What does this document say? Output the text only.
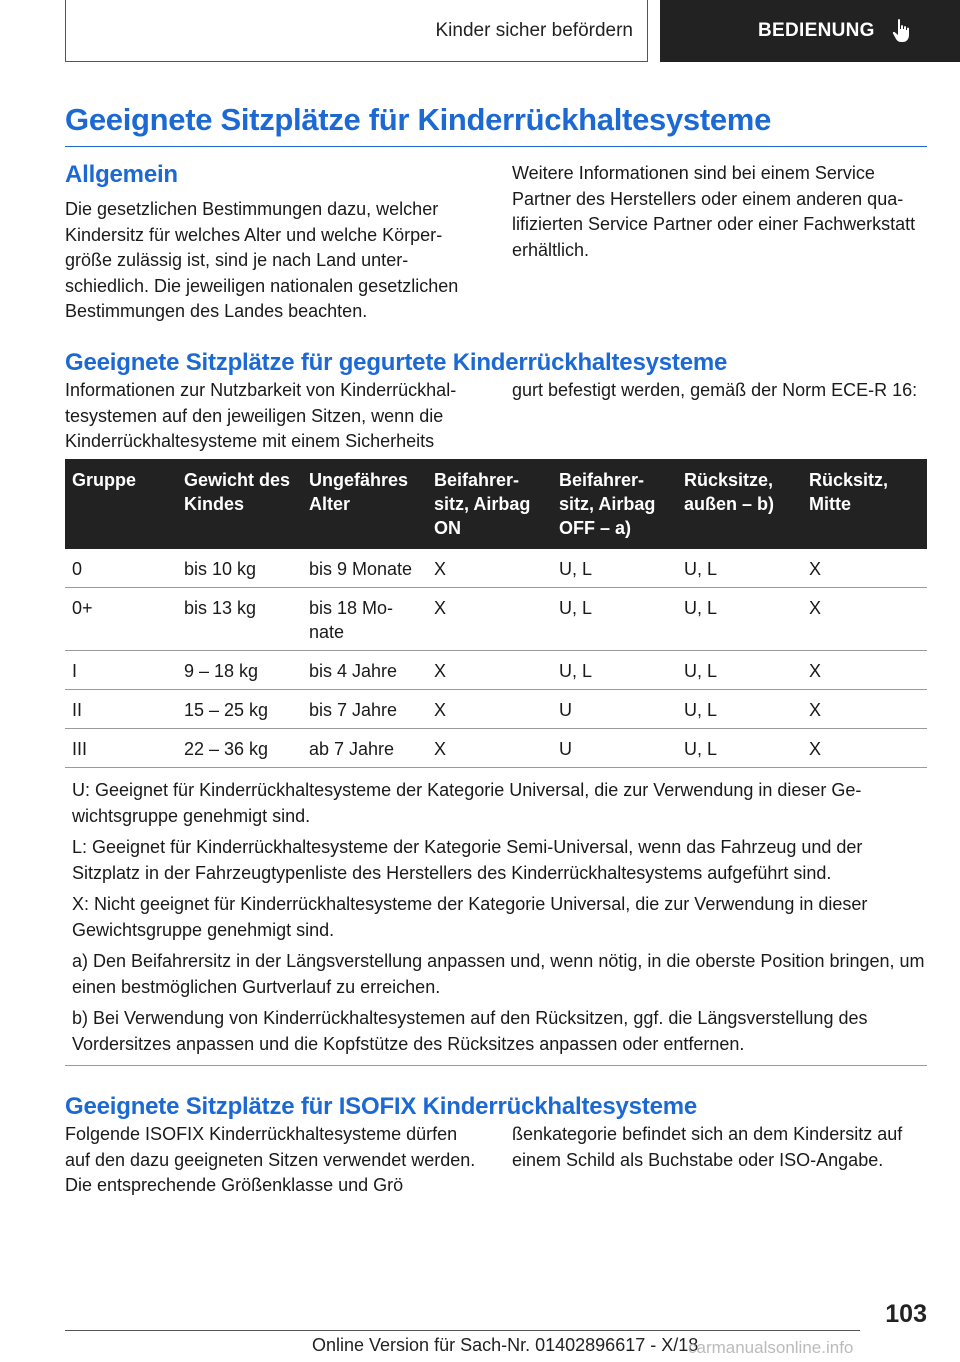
Kinder sicher befördern	BEDIENUNG
Geeignete Sitzplätze für Kinderrückhaltesysteme
Allgemein

Die gesetzlichen Bestimmungen dazu, welcher Kindersitz für welches Alter und welche Körpergröße zulässig ist, sind je nach Land unterschiedlich. Die jeweiligen nationalen gesetzlichen Bestimmungen des Landes beachten.

Weitere Informationen sind bei einem Service Partner des Herstellers oder einem anderen qualifizierten Service Partner oder einer Fachwerkstatt erhältlich.

Geeignete Sitzplätze für gegurtete Kinderrückhaltesysteme

Informationen zur Nutzbarkeit von Kinderrückhaltesystemen auf den jeweiligen Sitzen, wenn die Kinderrückhaltesysteme mit einem Sicherheits

gurt befestigt werden, gemäß der Norm ECE-R 16:

Gruppe	Gewicht des Kindes	Ungefähres Alter	Beifahrersitz, Airbag ON	Beifahrersitz, Airbag OFF – a)	Rücksitze, außen – b)	Rücksitz, Mitte
0	bis 10 kg	bis 9 Monate	X	U, L	U, L	X
0+	bis 13 kg	bis 18 Monate	X	U, L	U, L	X
I	9 – 18 kg	bis 4 Jahre	X	U, L	U, L	X
II	15 – 25 kg	bis 7 Jahre	X	U	U, L	X
III	22 – 36 kg	ab 7 Jahre	X	U	U, L	X

U: Geeignet für Kinderrückhaltesysteme der Kategorie Universal, die zur Verwendung in dieser Gewichtsgruppe genehmigt sind.

L: Geeignet für Kinderrückhaltesysteme der Kategorie Semi-Universal, wenn das Fahrzeug und der Sitzplatz in der Fahrzeugtypenliste des Herstellers des Kinderrückhaltesystems aufgeführt sind.

X: Nicht geeignet für Kinderrückhaltesysteme der Kategorie Universal, die zur Verwendung in dieser Gewichtsgruppe genehmigt sind.

a) Den Beifahrersitz in der Längsverstellung anpassen und, wenn nötig, in die oberste Position bringen, um einen bestmöglichen Gurtverlauf zu erreichen.

b) Bei Verwendung von Kinderrückhaltesystemen auf den Rücksitzen, ggf. die Längsverstellung des Vordersitzes anpassen und die Kopfstütze des Rücksitzes anpassen oder entfernen.

Geeignete Sitzplätze für ISOFIX Kinderrückhaltesysteme

Folgende ISOFIX Kinderrückhaltesysteme dürfen auf den dazu geeigneten Sitzen verwendet werden. Die entsprechende Größenklasse und Grö

ßenkategorie befindet sich an dem Kindersitz auf einem Schild als Buchstabe oder ISO-Angabe.

103
Online Version für Sach-Nr. 01402896617 - X/18
carmanualsonline.info
